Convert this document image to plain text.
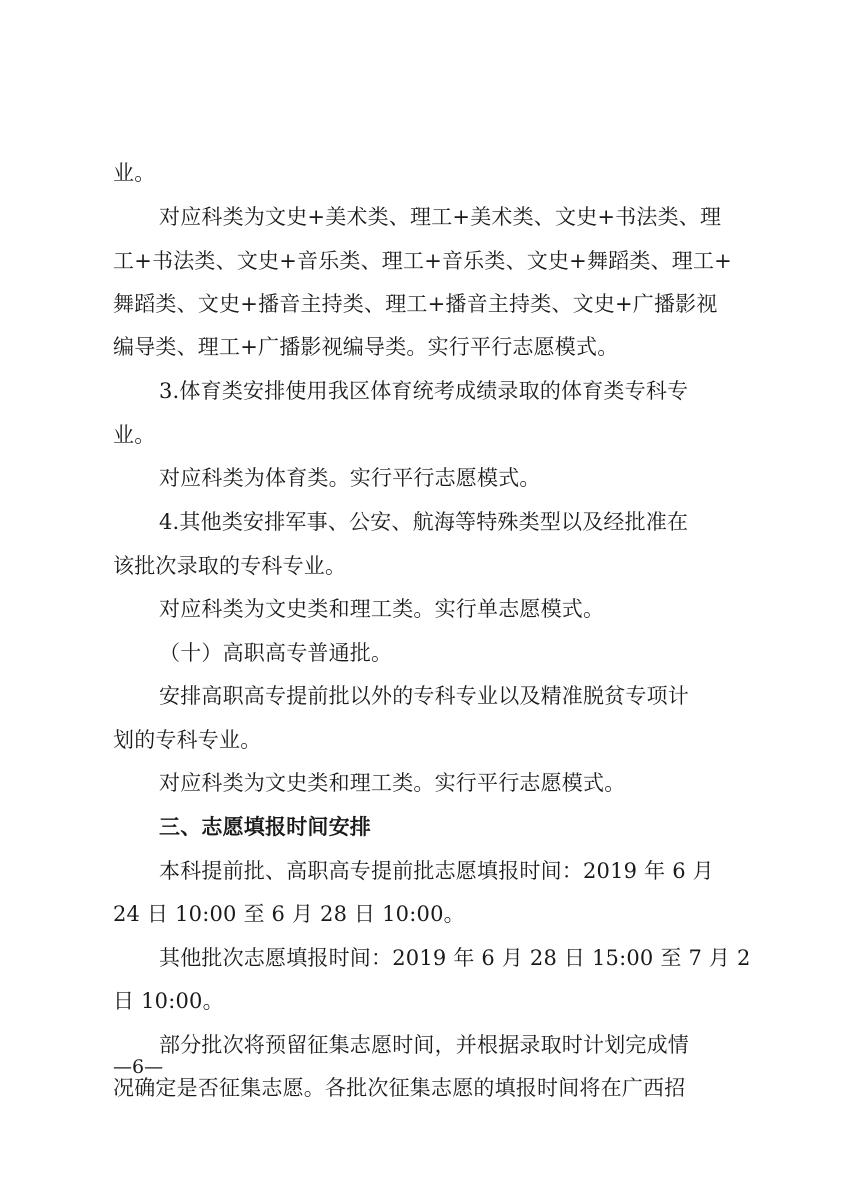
业。
对应科类为文史+美术类、理工+美术类、文史+书法类、理
工+书法类、文史+音乐类、理工+音乐类、文史+舞蹈类、理工+
舞蹈类、文史+播音主持类、理工+播音主持类、文史+广播影视
编导类、理工+广播影视编导类。实行平行志愿模式。
3.体育类安排使用我区体育统考成绩录取的体育类专科专
业。
对应科类为体育类。实行平行志愿模式。
4.其他类安排军事、公安、航海等特殊类型以及经批准在
该批次录取的专科专业。
对应科类为文史类和理工类。实行单志愿模式。
（十）高职高专普通批。
安排高职高专提前批以外的专科专业以及精准脱贫专项计
划的专科专业。
对应科类为文史类和理工类。实行平行志愿模式。
三、志愿填报时间安排
本科提前批、高职高专提前批志愿填报时间：2019 年 6 月
24 日 10:00 至 6 月 28 日 10:00。
其他批次志愿填报时间：2019 年 6 月 28 日 15:00 至 7 月 2
日 10:00。
部分批次将预留征集志愿时间，并根据录取时计划完成情
况确定是否征集志愿。各批次征集志愿的填报时间将在广西招
—6—
